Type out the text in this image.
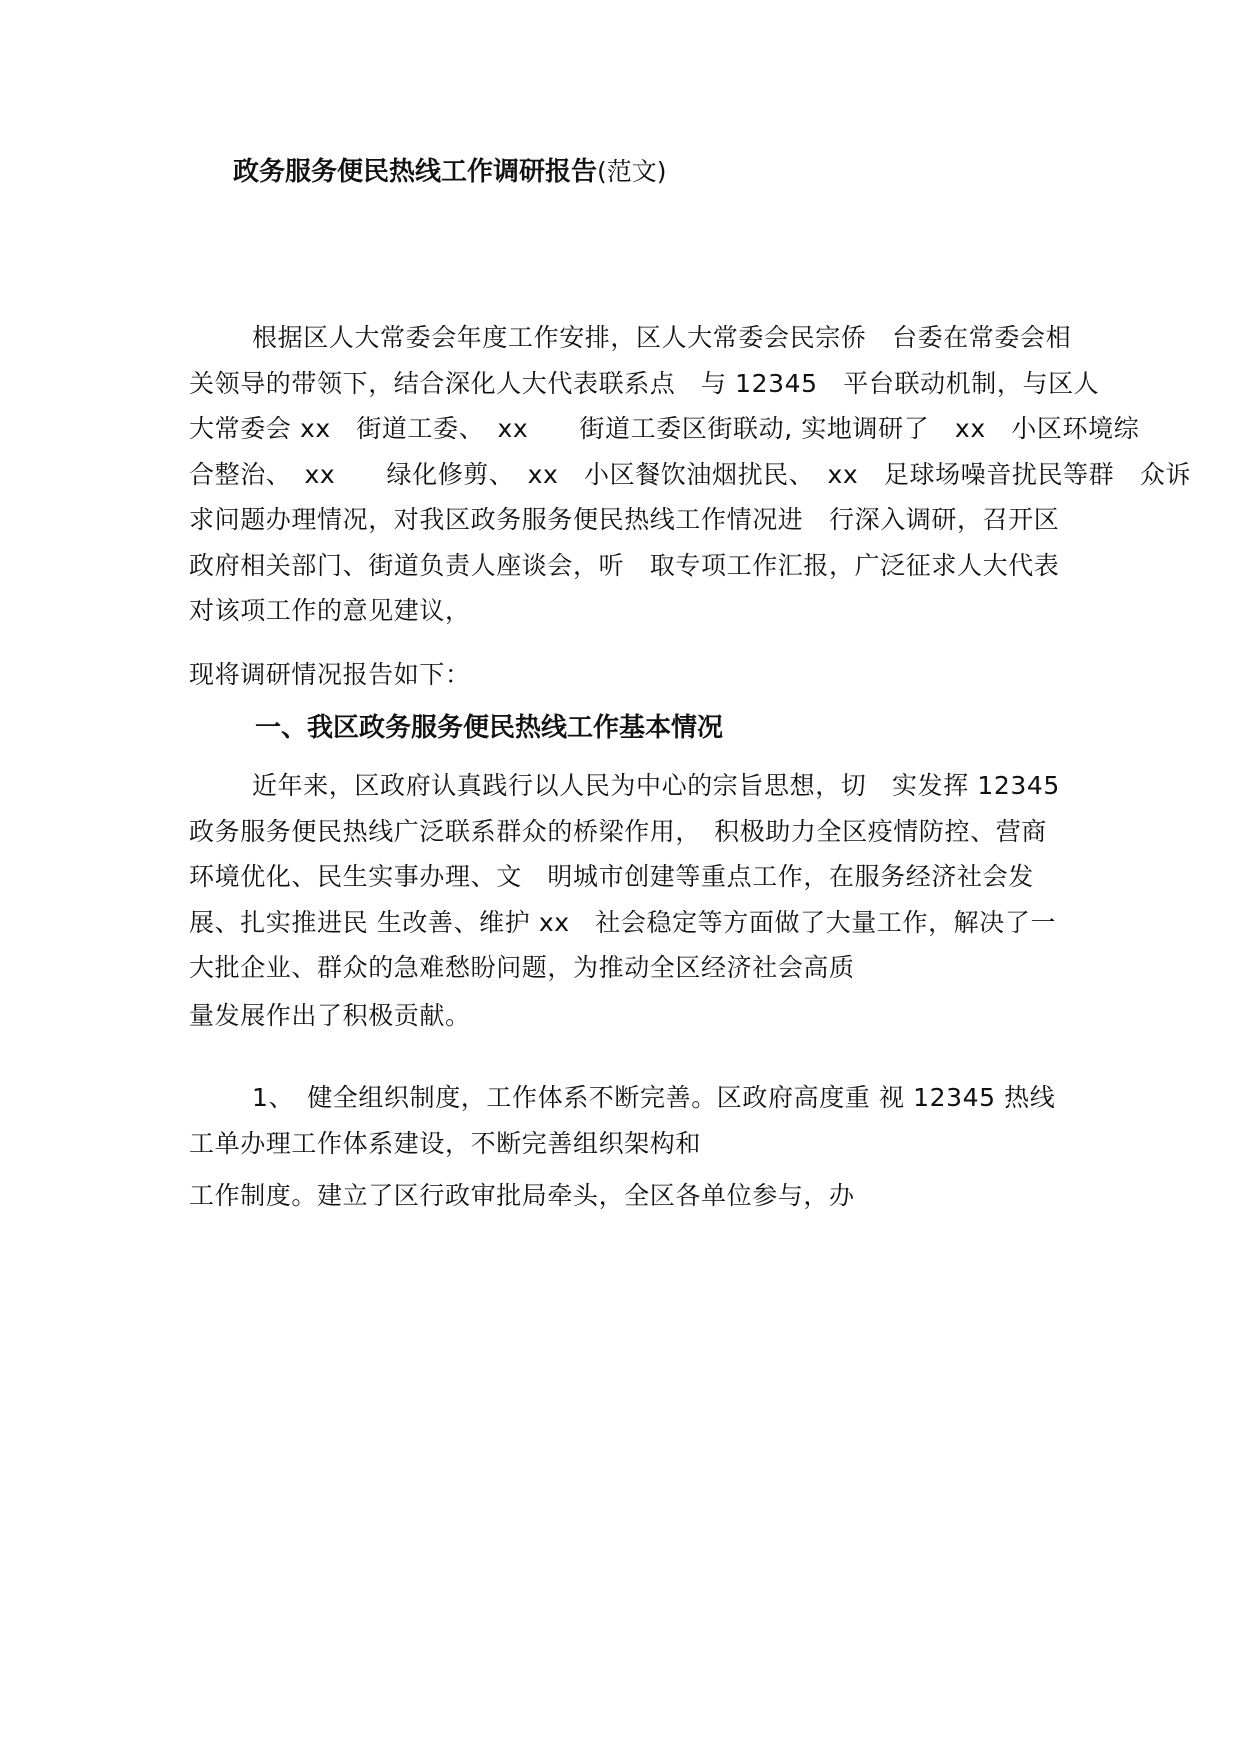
政务服务便民热线工作调研报告(范文)
根据区人大常委会年度工作安排，区人大常委会民宗侨　台委在常委会相
关领导的带领下，结合深化人大代表联系点　与 12345　平台联动机制，与区人
大常委会 xx　街道工委、　xx　　街道工委区街联动, 实地调研了　xx　小区环境综
合整治、　xx　　绿化修剪、　xx　小区餐饮油烟扰民、　xx　足球场噪音扰民等群　众诉
求问题办理情况，对我区政务服务便民热线工作情况进　行深入调研，召开区
政府相关部门、街道负责人座谈会，听　取专项工作汇报，广泛征求人大代表
对该项工作的意见建议，
现将调研情况报告如下：
一、我区政务服务便民热线工作基本情况
近年来，区政府认真践行以人民为中心的宗旨思想，切　实发挥 12345
政务服务便民热线广泛联系群众的桥梁作用，　积极助力全区疫情防控、营商
环境优化、民生实事办理、文　明城市创建等重点工作，在服务经济社会发
展、扎实推进民 生改善、维护 xx　社会稳定等方面做了大量工作，解决了一
大批企业、群众的急难愁盼问题，为推动全区经济社会高质
量发展作出了积极贡献。
1、　健全组织制度，工作体系不断完善。区政府高度重 视 12345 热线
工单办理工作体系建设，不断完善组织架构和
工作制度。建立了区行政审批局牵头，全区各单位参与，办
